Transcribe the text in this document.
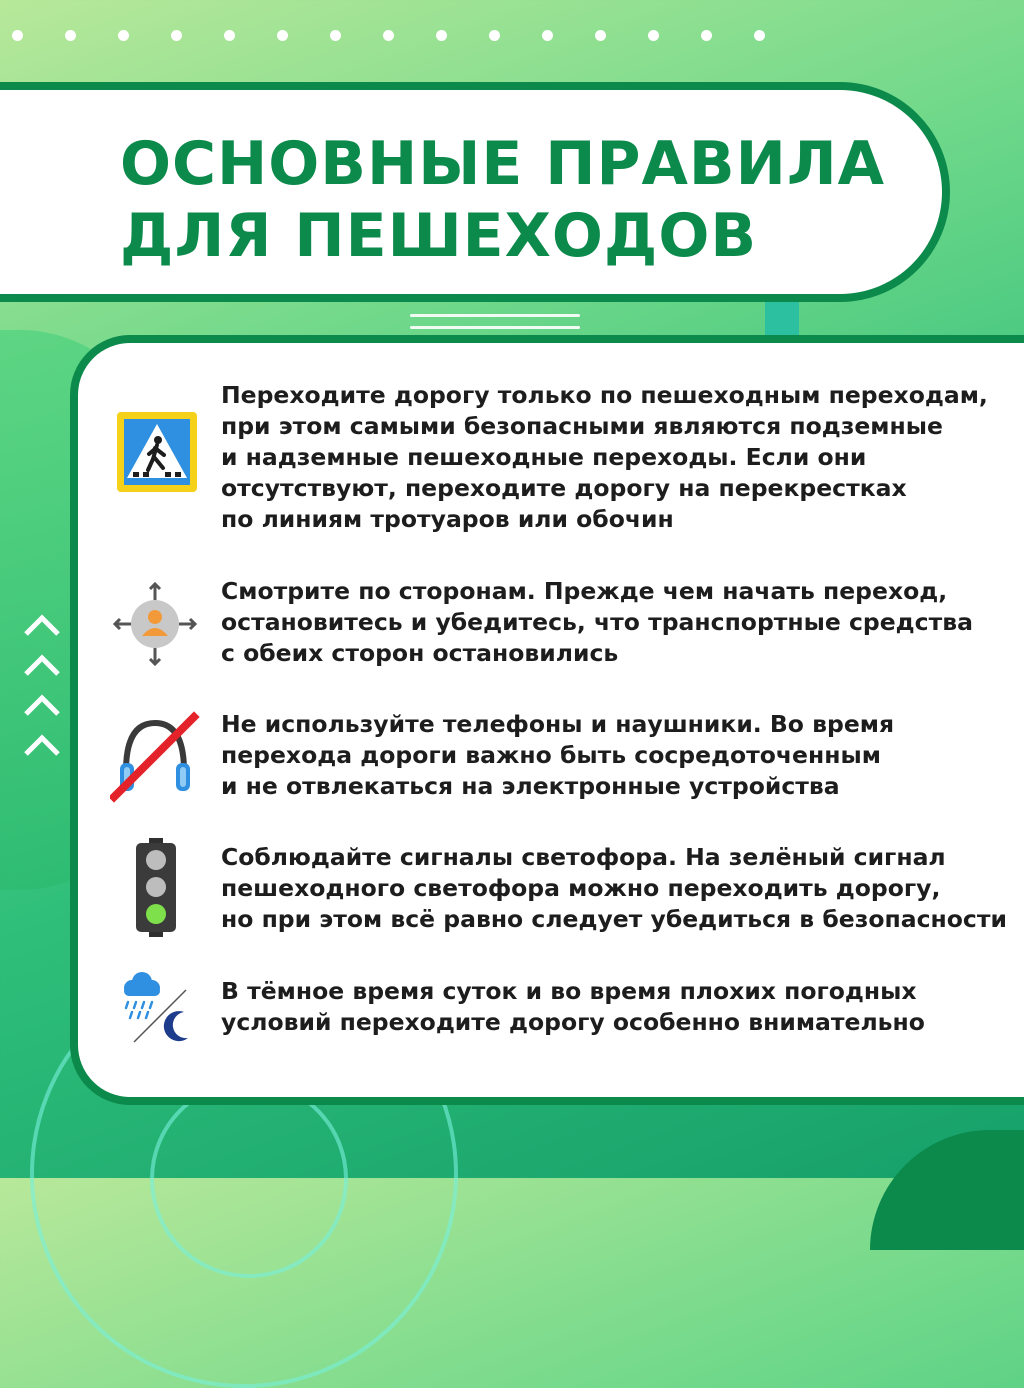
ОСНОВНЫЕ ПРАВИЛА
ДЛЯ ПЕШЕХОДОВ

Переходите дорогу только по пешеходным переходам,
при этом самыми безопасными являются подземные
и надземные пешеходные переходы. Если они
отсутствуют, переходите дорогу на перекрестках
по линиям тротуаров или обочин

Смотрите по сторонам. Прежде чем начать переход,
остановитесь и убедитесь, что транспортные средства
с обеих сторон остановились

Не используйте телефоны и наушники. Во время
перехода дороги важно быть сосредоточенным
и не отвлекаться на электронные устройства

Соблюдайте сигналы светофора. На зелёный сигнал
пешеходного светофора можно переходить дорогу,
но при этом всё равно следует убедиться в безопасности

В тёмное время суток и во время плохих погодных
условий переходите дорогу особенно внимательно
